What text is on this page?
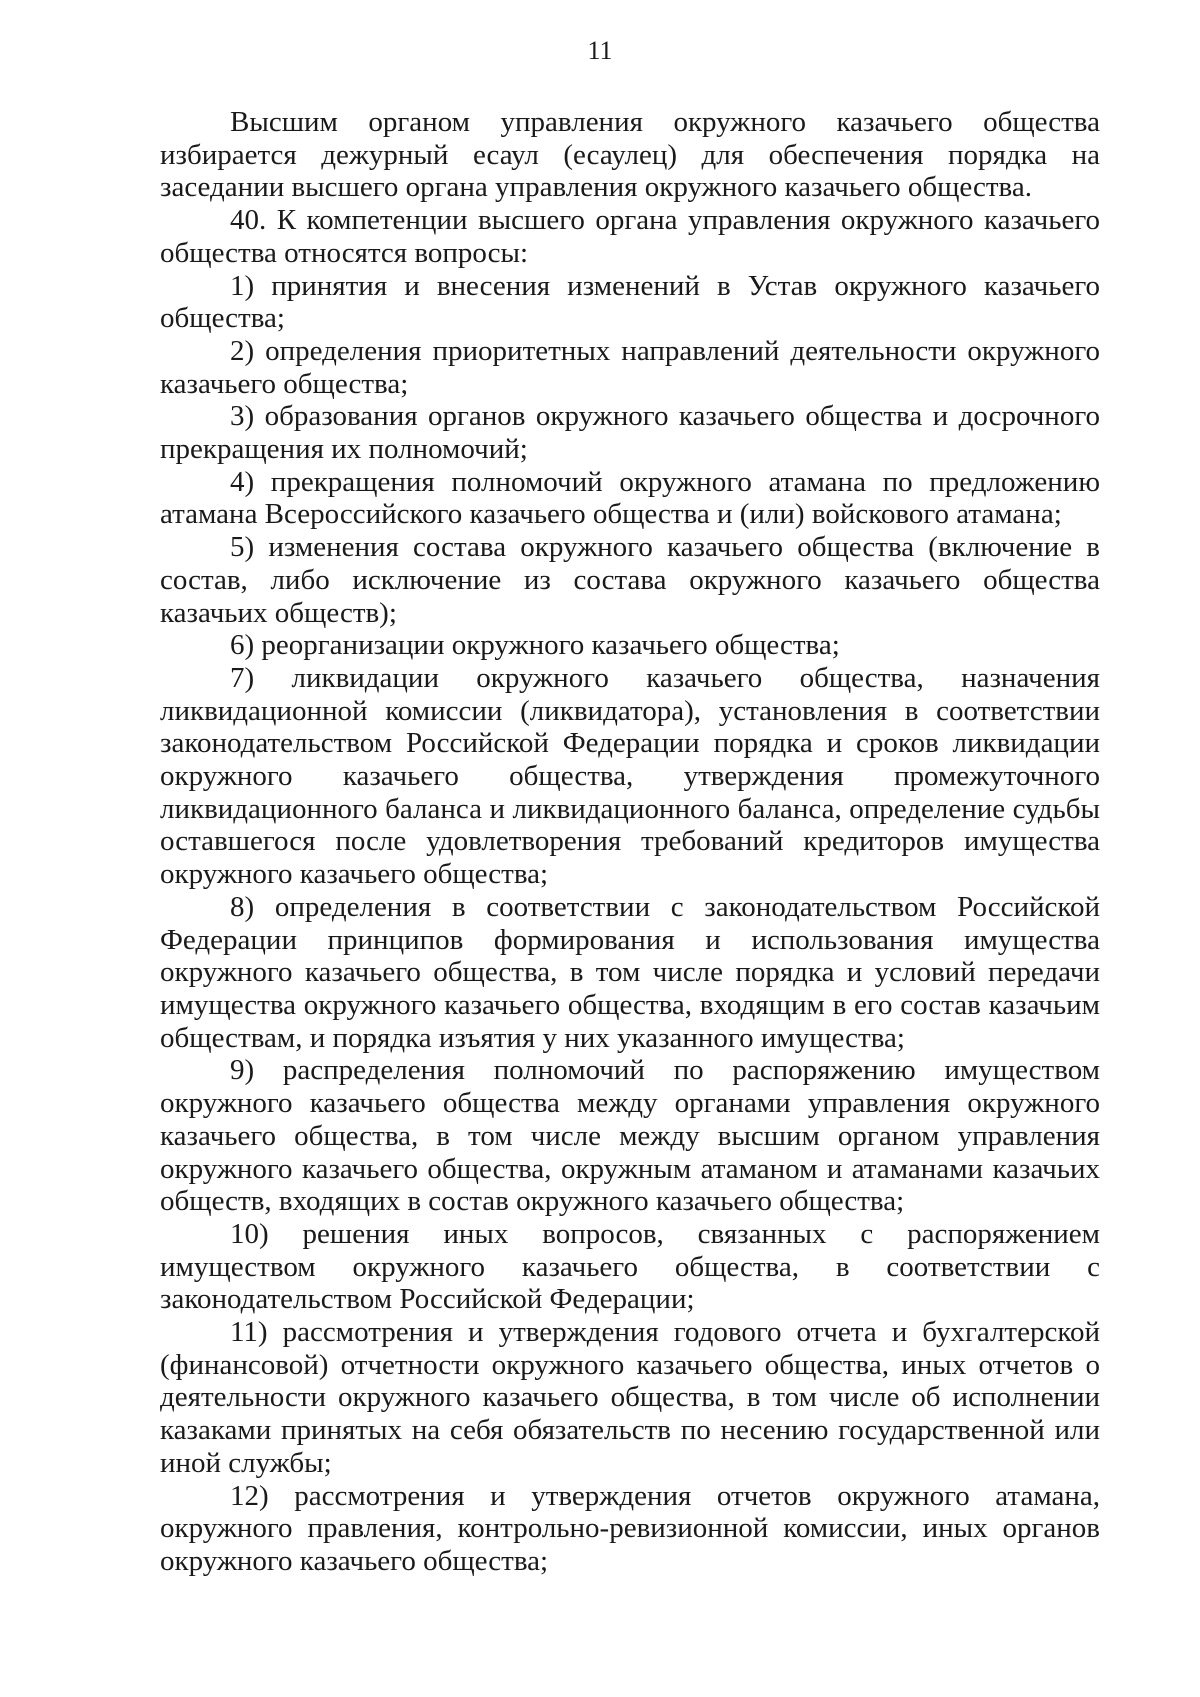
11

Высшим органом управления окружного казачьего общества избирается дежурный есаул (есаулец) для обеспечения порядка на заседании высшего органа управления окружного казачьего общества.

40. К компетенции высшего органа управления окружного казачьего общества относятся вопросы:

1) принятия и внесения изменений в Устав окружного казачьего общества;

2) определения приоритетных направлений деятельности окружного казачьего общества;

3) образования органов окружного казачьего общества и досрочного прекращения их полномочий;

4) прекращения полномочий окружного атамана по предложению атамана Всероссийского казачьего общества и (или) войскового атамана;

5) изменения состава окружного казачьего общества (включение в состав, либо исключение из состава окружного казачьего общества казачьих обществ);

6) реорганизации окружного казачьего общества;

7) ликвидации окружного казачьего общества, назначения ликвидационной комиссии (ликвидатора), установления в соответствии законодательством Российской Федерации порядка и сроков ликвидации окружного казачьего общества, утверждения промежуточного ликвидационного баланса и ликвидационного баланса, определение судьбы оставшегося после удовлетворения требований кредиторов имущества окружного казачьего общества;

8) определения в соответствии с законодательством Российской Федерации принципов формирования и использования имущества окружного казачьего общества, в том числе порядка и условий передачи имущества окружного казачьего общества, входящим в его состав казачьим обществам, и порядка изъятия у них указанного имущества;

9) распределения полномочий по распоряжению имуществом окружного казачьего общества между органами управления окружного казачьего общества, в том числе между высшим органом управления окружного казачьего общества, окружным атаманом и атаманами казачьих обществ, входящих в состав окружного казачьего общества;

10) решения иных вопросов, связанных с распоряжением имуществом окружного казачьего общества, в соответствии с законодательством Российской Федерации;

11) рассмотрения и утверждения годового отчета и бухгалтерской (финансовой) отчетности окружного казачьего общества, иных отчетов о деятельности окружного казачьего общества, в том числе об исполнении казаками принятых на себя обязательств по несению государственной или иной службы;

12) рассмотрения и утверждения отчетов окружного атамана, окружного правления, контрольно-ревизионной комиссии, иных органов окружного казачьего общества;
